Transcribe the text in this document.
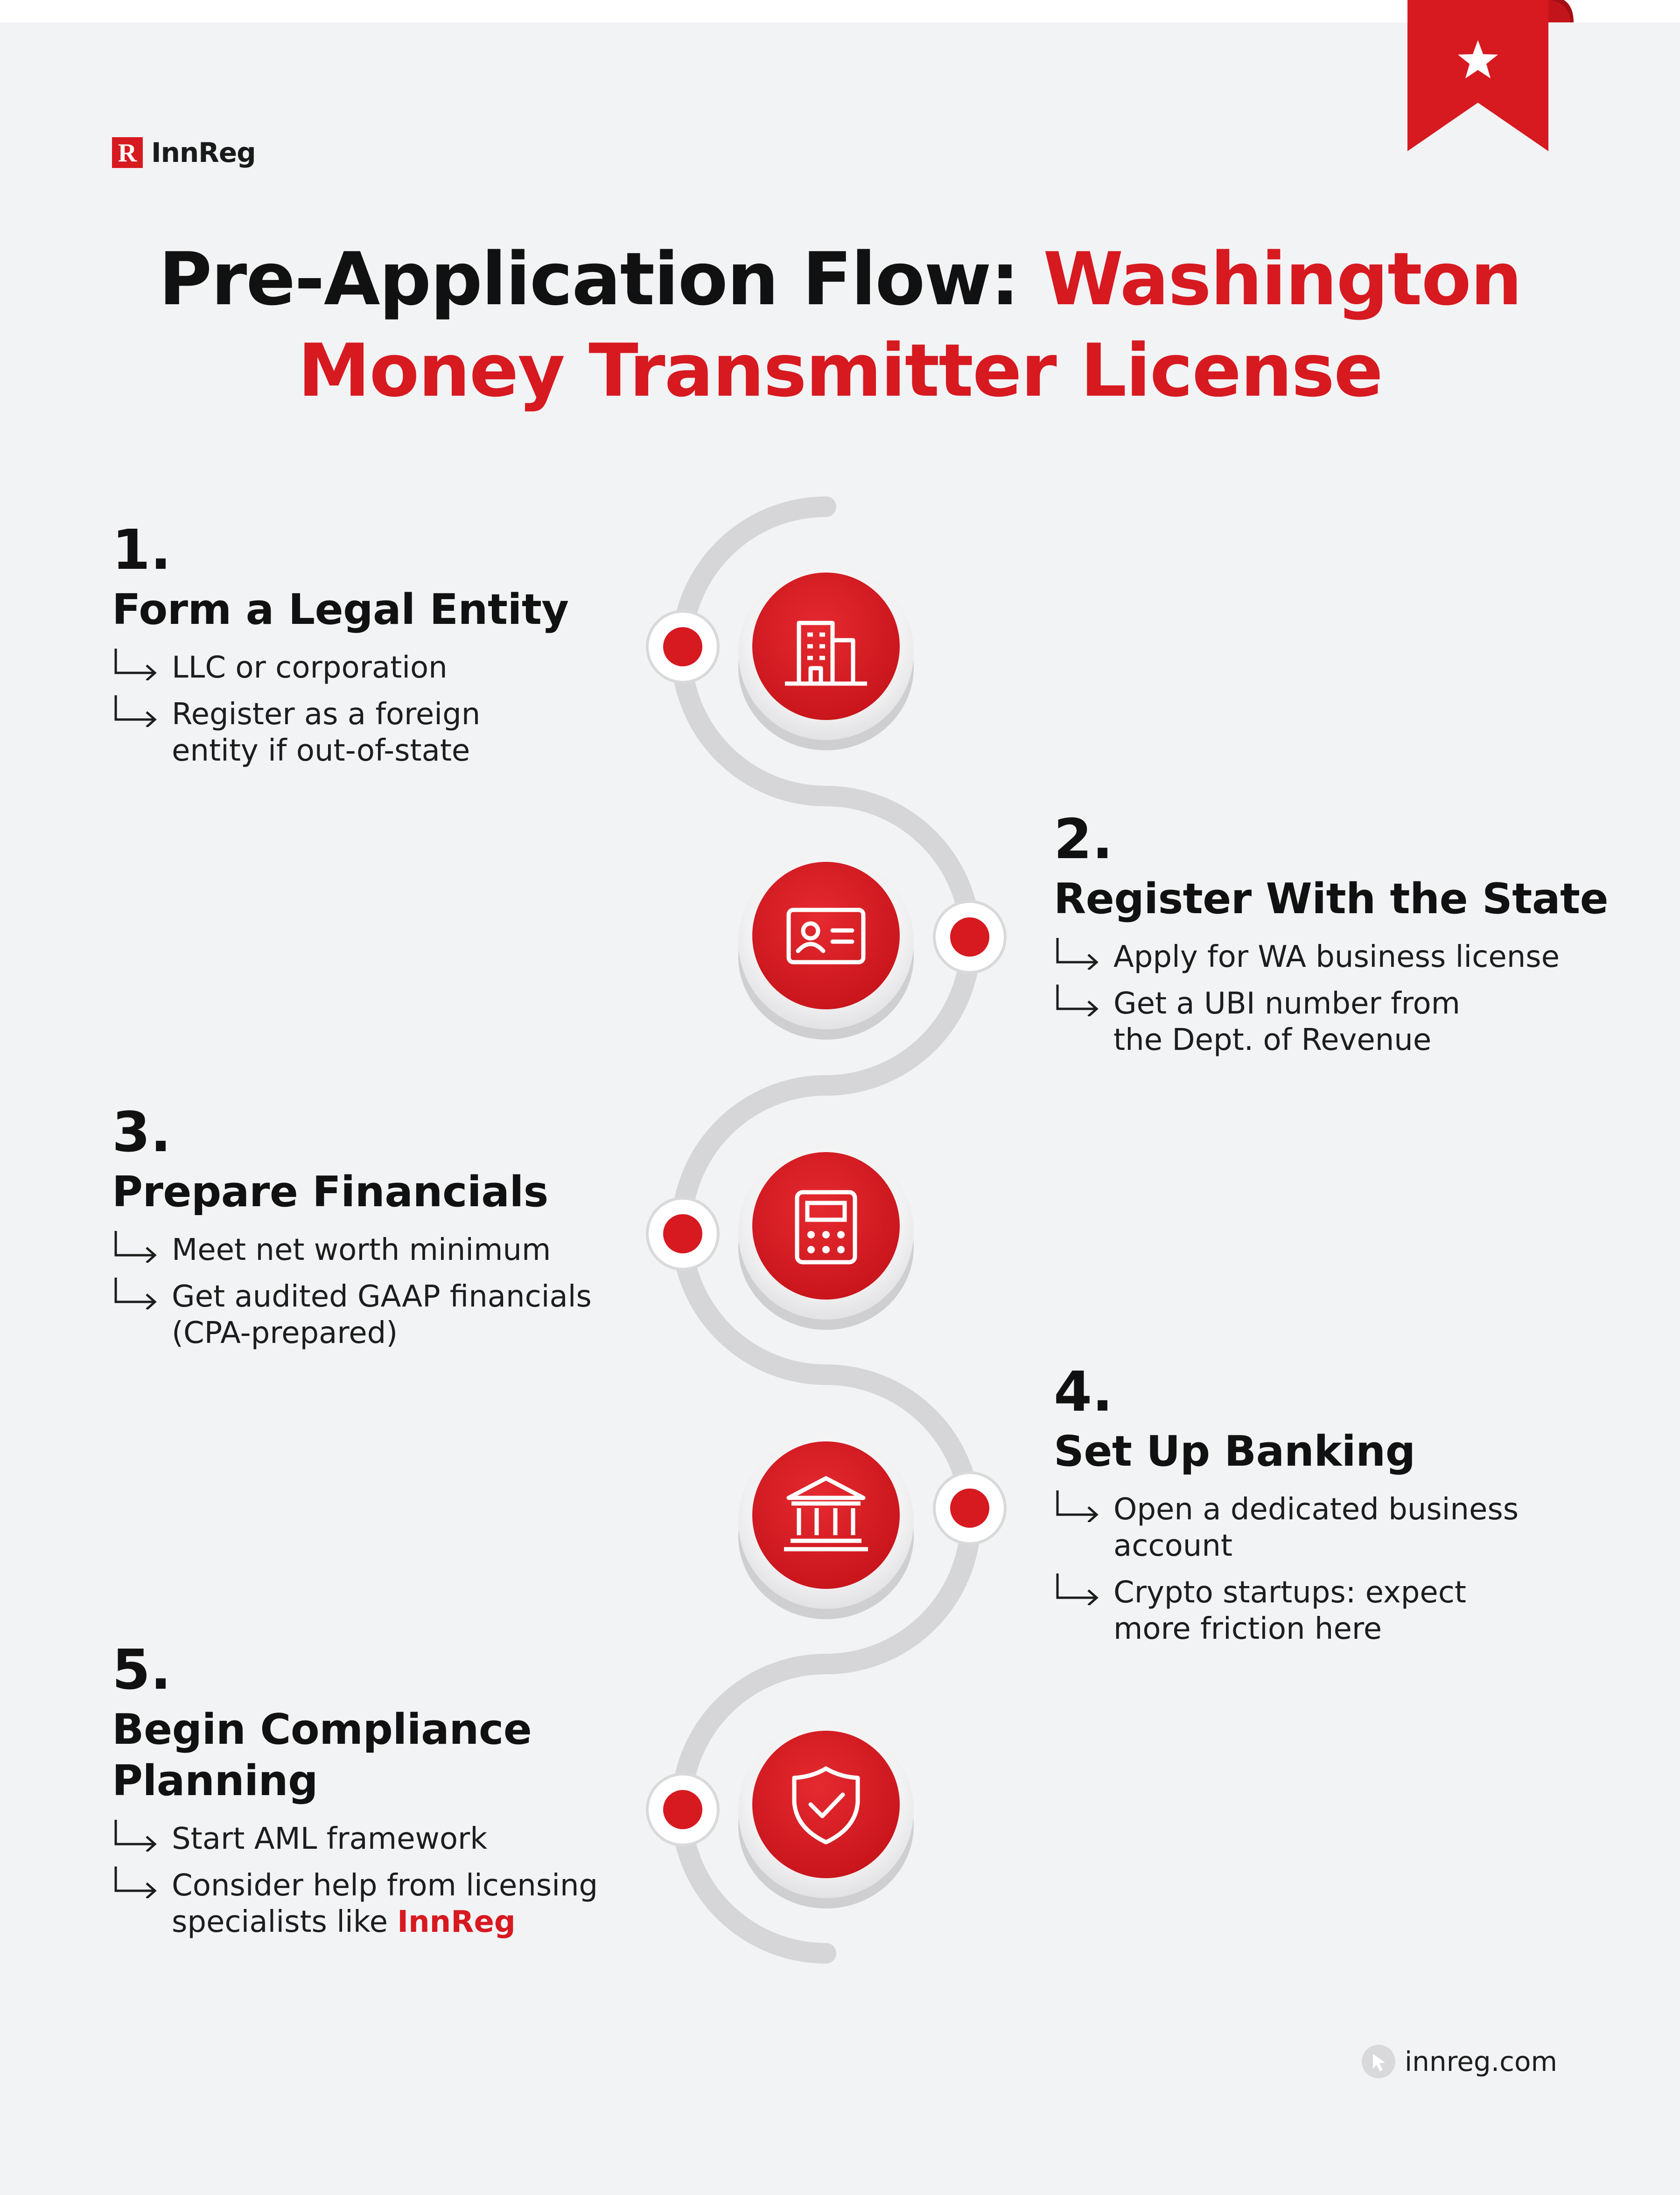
R InnReg
Pre-Application Flow: Washington
Money Transmitter License
1.
Form a Legal Entity
LLC or corporation
Register as a foreign entity if out-of-state
2.
Register With the State
Apply for WA business license
Get a UBI number from the Dept. of Revenue
3.
Prepare Financials
Meet net worth minimum
Get audited GAAP financials (CPA-prepared)
4.
Set Up Banking
Open a dedicated business account
Crypto startups: expect more friction here
5.
Begin Compliance Planning
Start AML framework
Consider help from licensing specialists like InnReg
innreg.com
